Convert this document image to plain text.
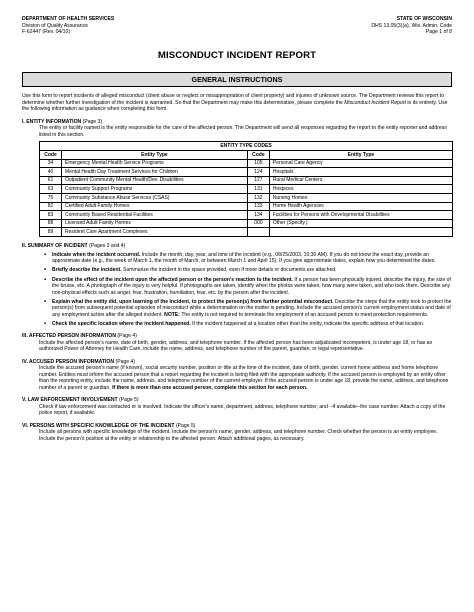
DEPARTMENT OF HEALTH SERVICES
Division of Quality Assurance
F-62447 (Rev. 04/10)
STATE OF WISCONSIN
DHS 13.05(3)(a), Wis. Admin. Code
Page 1 of 8
MISCONDUCT INCIDENT REPORT
GENERAL INSTRUCTIONS
Use this form to report incidents of alleged misconduct (client abuse or neglect or misappropriation of client property) and injuries of unknown source. The Department reviews this report to determine whether further investigation of the incident is warranted. So that the Department may make this determination, please complete the Misconduct Incident Report in its entirety. Use the following information as guidance when completing this form.
I. ENTITY INFORMATION (Page 3)
The entity or facility named is the entity responsible for the care of the affected person. The Department will send all responses regarding the report to the entity reporter and address listed in this section.
ENTITY TYPE CODES			
Code	Entity Type	Code	Entity Type
34	Emergency Mental Health Service Programs	105	Personal Care Agency
40	Mental Health Day Treatment Services for Children	124	Hospitals
61	Outpatient Community Mental Health/Dev. Disabilities	127	Rural Medical Centers
63	Community Support Programs	131	Hospices
75	Community Substance Abuse Services (CSAS)	132	Nursing Homes
82	Certified Adult Family Homes	133	Home Health Agencies
83	Community Based Residential Facilities	134	Facilities for Persons with Developmental Disabilities
88	Licensed Adult Family Homes	000	Other (Specify.)
89	Resident Care Apartment Complexes		
II. SUMMARY OF INCIDENT (Pages 3 and 4)
▪ Indicate when the incident occurred. Include the month, day, year, and time of the incident (e.g., 08/25/2003, 10:30 AM). If you do not know the exact day, provide an approximate date (e.g., the week of March 1, the month of March, or between March 1 and April 15). If you give approximate dates, explain how you determined the dates.
▪ Briefly describe the incident. Summarize the incident in the space provided, even if more details or documents are attached.
▪ Describe the effect of the incident upon the affected person or the person's reaction to the incident. If a person has been physically injured, describe the injury, the size of the bruise, etc. A photograph of the injury is very helpful. If photographs are taken, identify when the photos were taken, how many were taken, and who took them. Describe any non-physical effects such as anger, fear, frustration, humiliation, fear, etc. by the person after the incident.
▪ Explain what the entity did, upon learning of the incident, to protect the person(s) from further potential misconduct. Describe the steps that the entity took to protect the person(s) from subsequent potential episodes of misconduct while a determination on the matter is pending. Include the accused person's current employment status and date of any employment action after the alleged incident. NOTE: The entity is not required to terminate the employment of an accused person to meet protection requirements.
▪ Check the specific location where the incident happened. If the incident happened at a location other than the entity, indicate the specific address of that location.
III. AFFECTED PERSON INFORMATION (Page 4)
Include the affected person's name, date of birth, gender, address, and telephone number. If the affected person has been adjudicated incompetent, is under age 18, or has an authorized Power of Attorney for Health Care, include the name, address, and telephone number of the parent, guardian, or legal representative.
IV. ACCUSED PERSON INFORMATION (Page 4)
Include the accused person's name (if known), social security number, position or title at the time of the incident, date of birth, gender, current home address and home telephone number. Entities must inform the accused person that a report regarding the incident is being filed with the appropriate authority. If the accused person is employed by an entity other than the reporting entity, include the name, address, and telephone number of the current employer. If the accused person is under age 18, provide the name, address, and telephone number of a parent or guardian. If there is more than one accused person, complete this section for each person.
V. LAW ENFORCEMENT INVOLVEMENT (Page 5)
Check if law enforcement was contacted or is involved. Indicate the officer's name, department, address, telephone number, and --if available--the case number. Attach a copy of the police report, if available.
VI. PERSONS WITH SPECIFIC KNOWLEDGE OF THE INCIDENT (Page 5)
Include all persons with specific knowledge of the incident. Include the person's name, gender, address, and telephone number. Check whether the person is an entity employee. Include the person's position at the entity or relationship to the affected person. Attach additional pages, as necessary.
